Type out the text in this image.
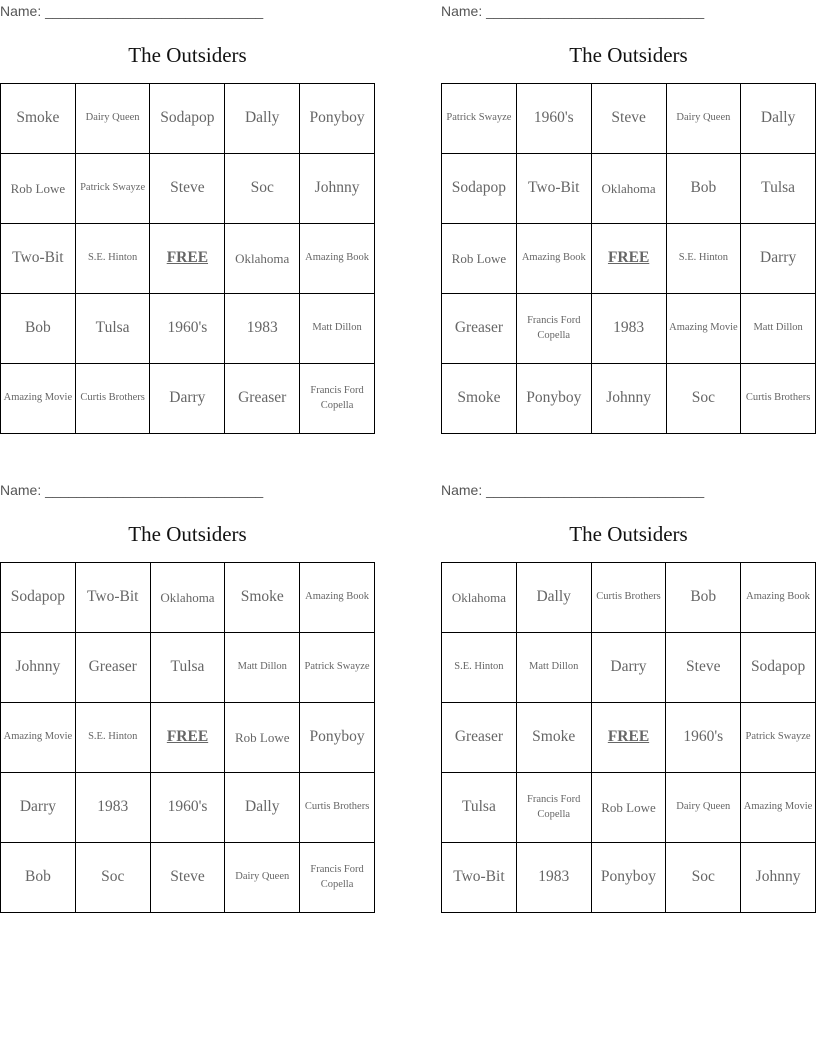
Name: ____________________________
The Outsiders
Smoke	Dairy Queen	Sodapop	Dally	Ponyboy
Rob Lowe	Patrick Swayze	Steve	Soc	Johnny
Two-Bit	S.E. Hinton	FREE	Oklahoma	Amazing Book
Bob	Tulsa	1960's	1983	Matt Dillon
Amazing Movie	Curtis Brothers	Darry	Greaser	Francis Ford Copella
Name: ____________________________
The Outsiders
Patrick Swayze	1960's	Steve	Dairy Queen	Dally
Sodapop	Two-Bit	Oklahoma	Bob	Tulsa
Rob Lowe	Amazing Book	FREE	S.E. Hinton	Darry
Greaser	Francis Ford Copella	1983	Amazing Movie	Matt Dillon
Smoke	Ponyboy	Johnny	Soc	Curtis Brothers
Name: ____________________________
The Outsiders
Sodapop	Two-Bit	Oklahoma	Smoke	Amazing Book
Johnny	Greaser	Tulsa	Matt Dillon	Patrick Swayze
Amazing Movie	S.E. Hinton	FREE	Rob Lowe	Ponyboy
Darry	1983	1960's	Dally	Curtis Brothers
Bob	Soc	Steve	Dairy Queen	Francis Ford Copella
Name: ____________________________
The Outsiders
Oklahoma	Dally	Curtis Brothers	Bob	Amazing Book
S.E. Hinton	Matt Dillon	Darry	Steve	Sodapop
Greaser	Smoke	FREE	1960's	Patrick Swayze
Tulsa	Francis Ford Copella	Rob Lowe	Dairy Queen	Amazing Movie
Two-Bit	1983	Ponyboy	Soc	Johnny
